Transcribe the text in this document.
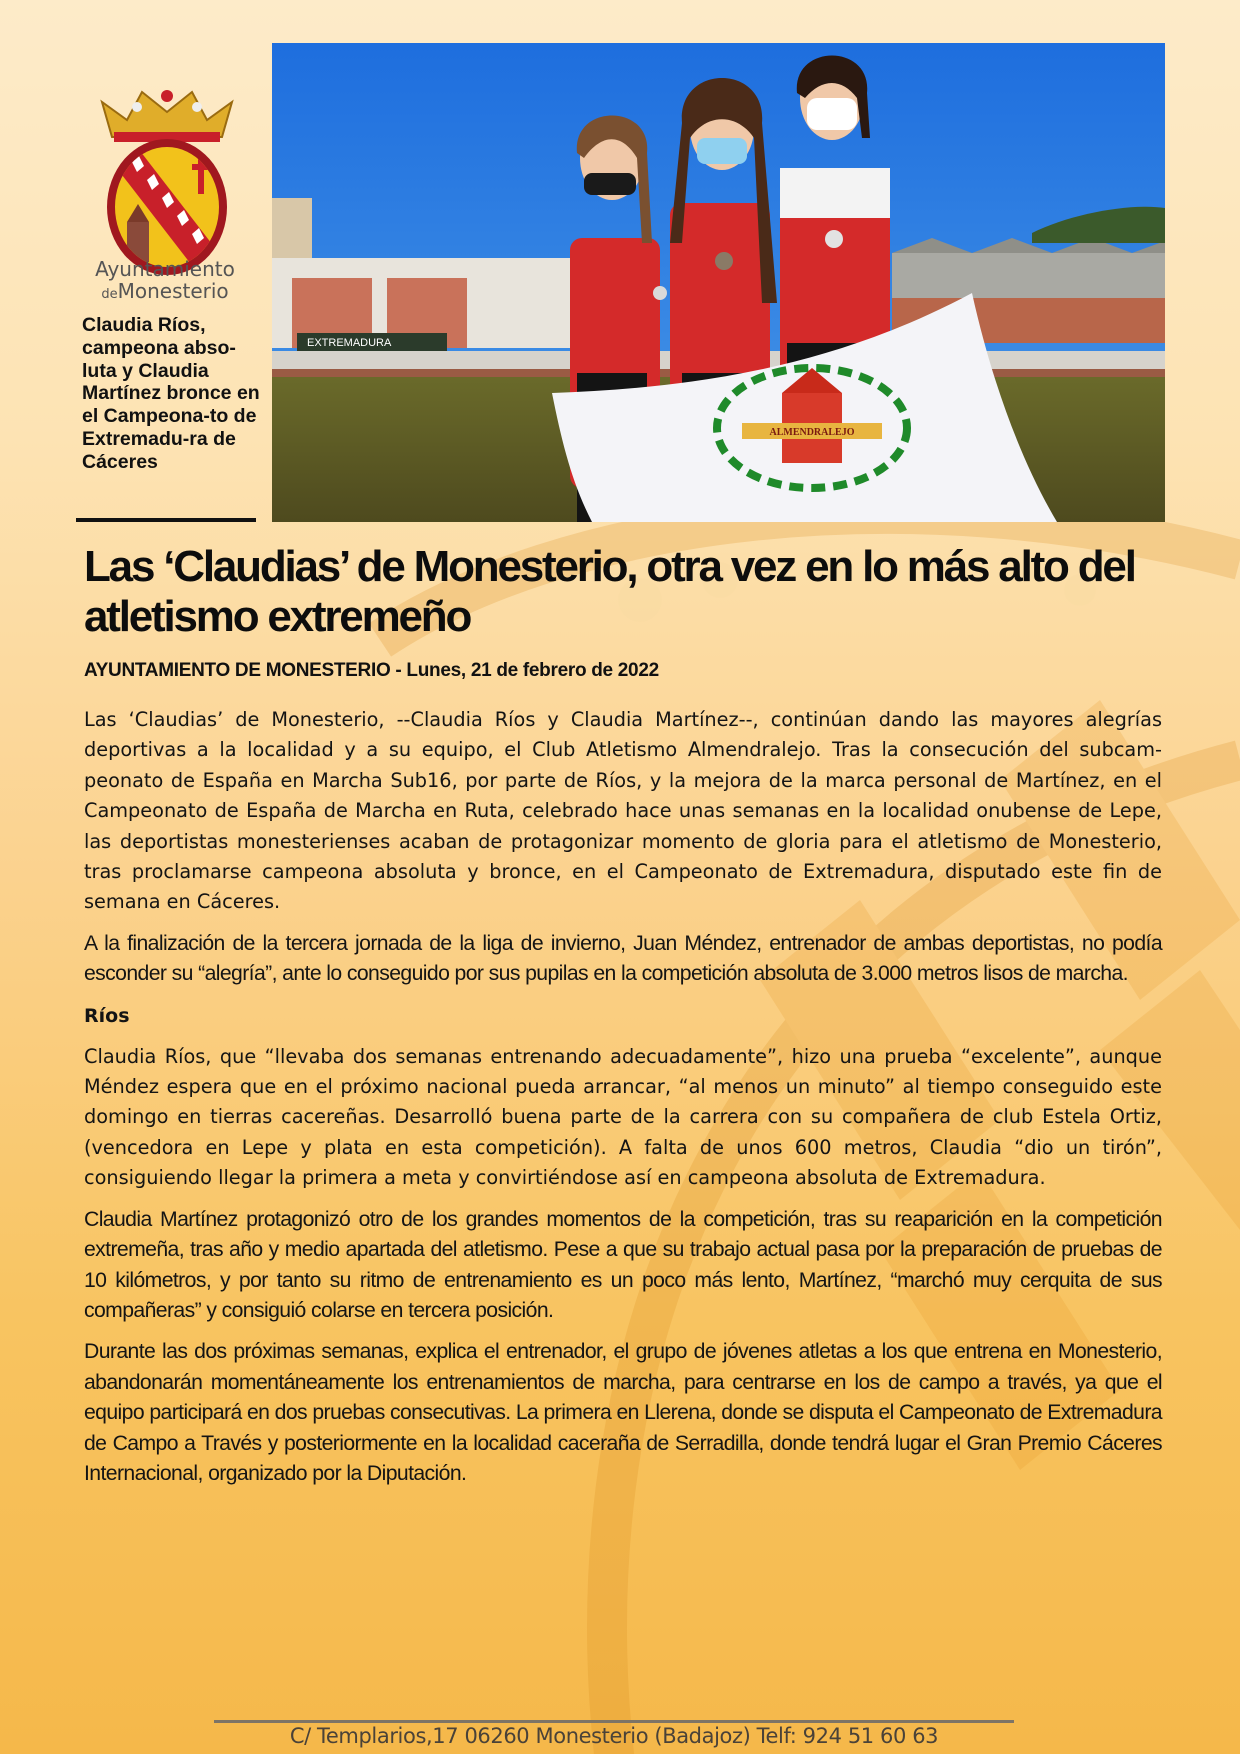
Ayuntamiento
deMonesterio
Claudia Ríos, campeona abso-luta y Claudia Martínez bronce en el Campeona-to de Extremadu-ra de Cáceres
EXTREMADURA
ALMENDRALEJO
Las ‘Claudias’ de Monesterio, otra vez en lo más alto del atletismo extremeño
AYUNTAMIENTO DE MONESTERIO - Lunes, 21 de febrero de 2022

Las ‘Claudias’ de Monesterio, --Claudia Ríos y Claudia Martínez--, continúan dando las mayores alegrías deportivas a la localidad y a su equipo, el Club Atletismo Almendralejo. Tras la consecución del subcampeonato de España en Marcha Sub16, por parte de Ríos, y la mejora de la marca personal de Martínez, en el Campeonato de España de Marcha en Ruta, celebrado hace unas semanas en la localidad onubense de Lepe, las deportistas monesterienses acaban de protagonizar momento de gloria para el atletismo de Monesterio, tras proclamarse campeona absoluta y bronce, en el Campeonato de Extremadura, disputado este fin de semana en Cáceres.

A la finalización de la tercera jornada de la liga de invierno, Juan Méndez, entrenador de ambas deportistas, no podía esconder su “alegría”, ante lo conseguido por sus pupilas en la competición absoluta de 3.000 metros lisos de marcha.

Ríos

Claudia Ríos, que “llevaba dos semanas entrenando adecuadamente”, hizo una prueba “excelente”, aunque Méndez espera que en el próximo nacional pueda arrancar, “al menos un minuto” al tiempo conseguido este domingo en tierras cacereñas. Desarrolló buena parte de la carrera con su compañera de club Estela Ortiz, (vencedora en Lepe y plata en esta competición). A falta de unos 600 metros, Claudia “dio un tirón”, consiguiendo llegar la primera a meta y convirtiéndose así en campeona absoluta de Extremadura.

Claudia Martínez protagonizó otro de los grandes momentos de la competición, tras su reaparición en la competición extremeña, tras año y medio apartada del atletismo. Pese a que su trabajo actual pasa por la preparación de pruebas de 10 kilómetros, y por tanto su ritmo de entrenamiento es un poco más lento, Martínez, “marchó muy cerquita de sus compañeras” y consiguió colarse en tercera posición.

Durante las dos próximas semanas, explica el entrenador, el grupo de jóvenes atletas a los que entrena en Monesterio, abandonarán momentáneamente los entrenamientos de marcha, para centrarse en los de campo a través, ya que el equipo participará en dos pruebas consecutivas. La primera en Llerena, donde se disputa el Campeonato de Extremadura de Campo a Través y posteriormente en la localidad caceraña de Serradilla, donde tendrá lugar el Gran Premio Cáceres Internacional, organizado por la Diputación.

C/ Templarios,17 06260 Monesterio (Badajoz) Telf: 924 51 60 63
